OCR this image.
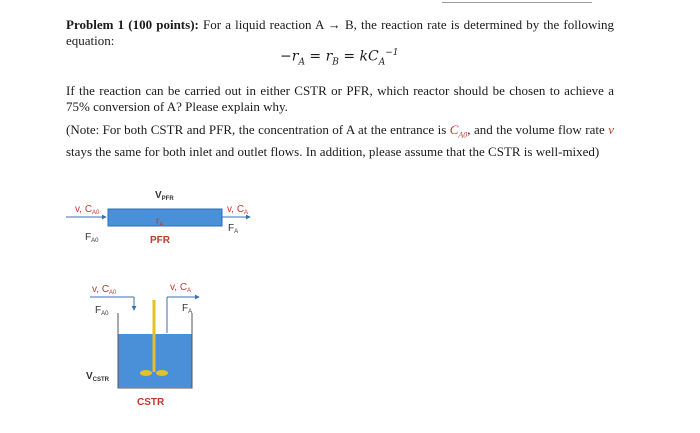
Problem 1 (100 points): For a liquid reaction A → B, the reaction rate is determined by the following equation:
$-r_A = r_B = kC_A^{-1}$
If the reaction can be carried out in either CSTR or PFR, which reactor should be chosen to achieve a 75% conversion of A? Please explain why.
(Note: For both CSTR and PFR, the concentration of A at the entrance is $C_{A0}$, and the volume flow rate v stays the same for both inlet and outlet flows. In addition, please assume that the CSTR is well-mixed)
$V_{PFR}$
v, $C_{A0}$
$r_A$
v, $C_A$
$F_{A0}$
$F_A$
PFR
v, $C_{A0}$
$F_{A0}$
v, $C_A$
$F_A$
$V_{CSTR}$
CSTR
